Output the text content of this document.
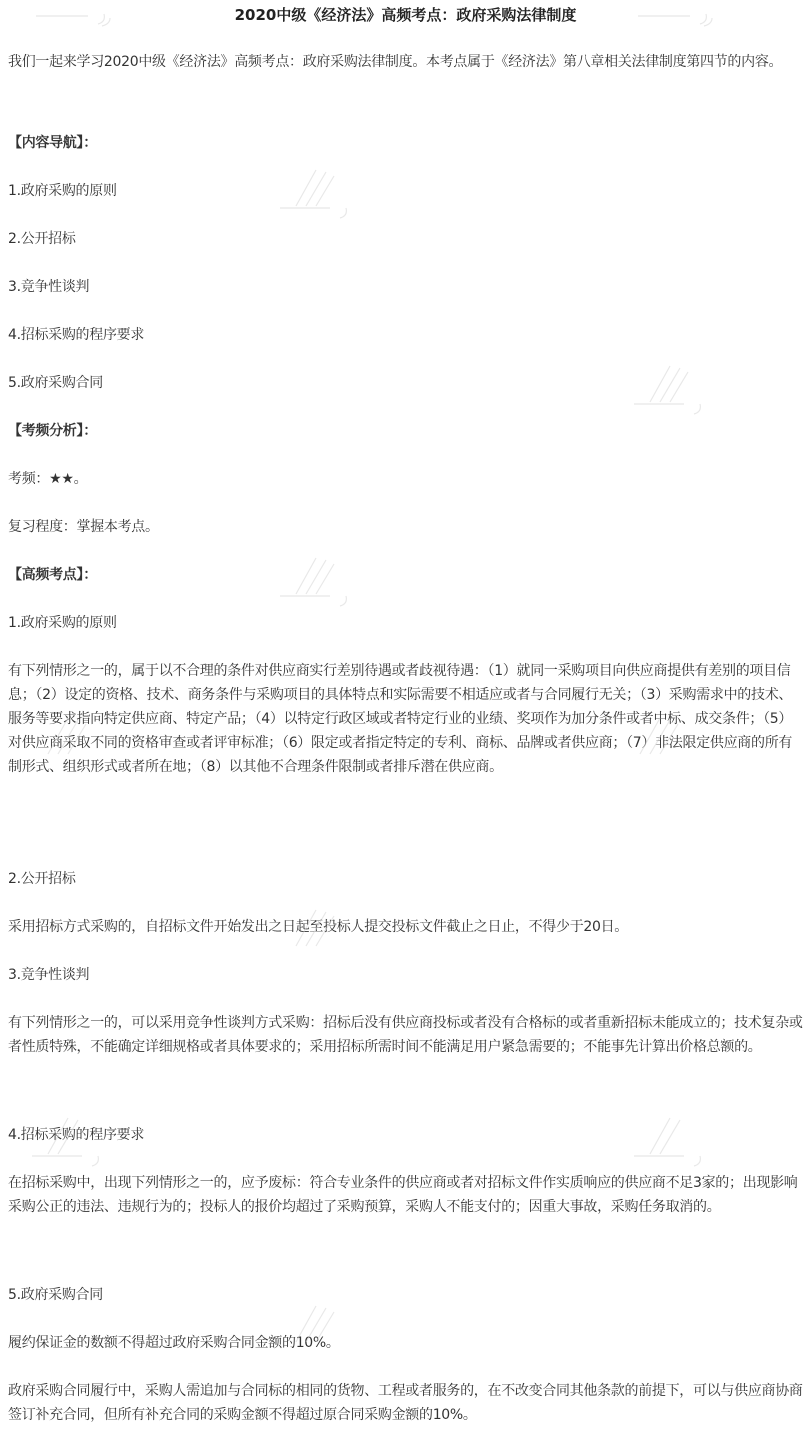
2020中级《经济法》高频考点：政府采购法律制度

我们一起来学习2020中级《经济法》高频考点：政府采购法律制度。本考点属于《经济法》第八章相关法律制度第四节的内容。

【内容导航】：

1.政府采购的原则

2.公开招标

3.竞争性谈判

4.招标采购的程序要求

5.政府采购合同

【考频分析】：

考频：★★。

复习程度：掌握本考点。

【高频考点】：

1.政府采购的原则

有下列情形之一的，属于以不合理的条件对供应商实行差别待遇或者歧视待遇：（1）就同一采购项目向供应商提供有差别的项目信息；（2）设定的资格、技术、商务条件与采购项目的具体特点和实际需要不相适应或者与合同履行无关；（3）采购需求中的技术、服务等要求指向特定供应商、特定产品；（4）以特定行政区域或者特定行业的业绩、奖项作为加分条件或者中标、成交条件；（5）对供应商采取不同的资格审查或者评审标准；（6）限定或者指定特定的专利、商标、品牌或者供应商；（7）非法限定供应商的所有制形式、组织形式或者所在地；（8）以其他不合理条件限制或者排斥潜在供应商。

2.公开招标

采用招标方式采购的，自招标文件开始发出之日起至投标人提交投标文件截止之日止，不得少于20日。

3.竞争性谈判

有下列情形之一的，可以采用竞争性谈判方式采购：招标后没有供应商投标或者没有合格标的或者重新招标未能成立的；技术复杂或者性质特殊，不能确定详细规格或者具体要求的；采用招标所需时间不能满足用户紧急需要的；不能事先计算出价格总额的。

4.招标采购的程序要求

在招标采购中，出现下列情形之一的，应予废标：符合专业条件的供应商或者对招标文件作实质响应的供应商不足3家的；出现影响采购公正的违法、违规行为的；投标人的报价均超过了采购预算，采购人不能支付的；因重大事故，采购任务取消的。

5.政府采购合同

履约保证金的数额不得超过政府采购合同金额的10%。

政府采购合同履行中，采购人需追加与合同标的相同的货物、工程或者服务的，在不改变合同其他条款的前提下，可以与供应商协商签订补充合同，但所有补充合同的采购金额不得超过原合同采购金额的10%。
